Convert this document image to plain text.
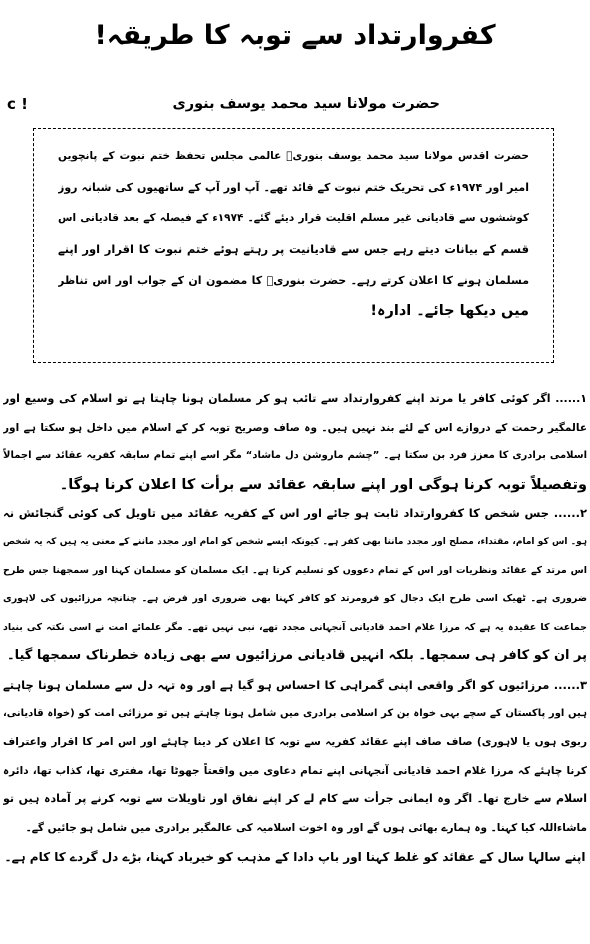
کفروارتداد سے توبہ کا طریقہ!
حضرت مولانا سید محمد یوسف بنوری
c !
حضرت اقدس مولانا سید محمد یوسف بنوریؒ عالمی مجلس تحفظ ختم نبوت کے پانچویں
امیر اور ۱۹۷۴ء کی تحریک ختم نبوت کے قائد تھے۔ آپ اور آپ کے ساتھیوں کی شبانہ روز
کوششوں سے قادیانی غیر مسلم اقلیت قرار دیئے گئے۔ ۱۹۷۴ء کے فیصلہ کے بعد قادیانی اس
قسم کے بیانات دیتے رہے جس سے قادیانیت پر رہتے ہوئے ختم نبوت کا اقرار اور اپنے
مسلمان ہونے کا اعلان کرتے رہے۔ حضرت بنوریؒ کا مضمون ان کے جواب اور اس تناظر
میں دیکھا جائے۔ ادارہ!
۱...... اگر کوئی کافر یا مرتد اپنے کفروارتداد سے تائب ہو کر مسلمان ہونا چاہتا ہے تو اسلام کی وسیع اور
عالمگیر رحمت کے دروازے اس کے لئے بند نہیں ہیں۔ وہ صاف وصریح توبہ کر کے اسلام میں داخل ہو سکتا ہے اور
اسلامی برادری کا معزز فرد بن سکتا ہے۔ ”چشم ماروشن دل ماشاد“ مگر اسے اپنے تمام سابقہ کفریہ عقائد سے اجمالاً
وتفصیلاً توبہ کرنا ہوگی اور اپنے سابقہ عقائد سے برأت کا اعلان کرنا ہوگا۔
۲...... جس شخص کا کفروارتداد ثابت ہو جائے اور اس کے کفریہ عقائد میں تاویل کی کوئی گنجائش نہ
ہو۔ اس کو امام، مقتداء، مصلح اور مجدد ماننا بھی کفر ہے۔ کیونکہ ایسے شخص کو امام اور مجدد ماننے کے معنی یہ ہیں کہ یہ شخص
اس مرتد کے عقائد ونظریات اور اس کے تمام دعووں کو تسلیم کرتا ہے۔ ایک مسلمان کو مسلمان کہنا اور سمجھنا جس طرح
ضروری ہے۔ ٹھیک اسی طرح ایک دجال کو فرومرتد کو کافر کہنا بھی ضروری اور فرض ہے۔ چنانچہ مرزائیوں کی لاہوری
جماعت کا عقیدہ یہ ہے کہ مرزا غلام احمد قادیانی آنجہانی مجدد تھے، نبی نہیں تھے۔ مگر علمائے امت نے اسی نکتہ کی بنیاد
پر ان کو کافر ہی سمجھا۔ بلکہ انہیں قادیانی مرزائیوں سے بھی زیادہ خطرناک سمجھا گیا۔
۳...... مرزائیوں کو اگر واقعی اپنی گمراہی کا احساس ہو گیا ہے اور وہ تہہ دل سے مسلمان ہونا چاہتے
ہیں اور پاکستان کے سچے بہی خواہ بن کر اسلامی برادری میں شامل ہونا چاہتے ہیں تو مرزائی امت کو (خواہ قادیانی،
ربوی ہوں یا لاہوری) صاف صاف اپنے عقائد کفریہ سے توبہ کا اعلان کر دینا چاہئے اور اس امر کا اقرار واعتراف
کرنا چاہئے کہ مرزا غلام احمد قادیانی آنجہانی اپنے تمام دعاوی میں واقعتاً جھوٹا تھا، مفتری تھا، کذاب تھا، دائرہ
اسلام سے خارج تھا۔ اگر وہ ایمانی جرأت سے کام لے کر اپنے نفاق اور تاویلات سے توبہ کرنے پر آمادہ ہیں تو
ماشاءاللہ کیا کہنا۔ وہ ہمارے بھائی ہوں گے اور وہ اخوت اسلامیہ کی عالمگیر برادری میں شامل ہو جائیں گے۔
اپنے سالہا سال کے عقائد کو غلط کہنا اور باپ دادا کے مذہب کو خیرباد کہنا، بڑے دل گردے کا کام ہے۔
